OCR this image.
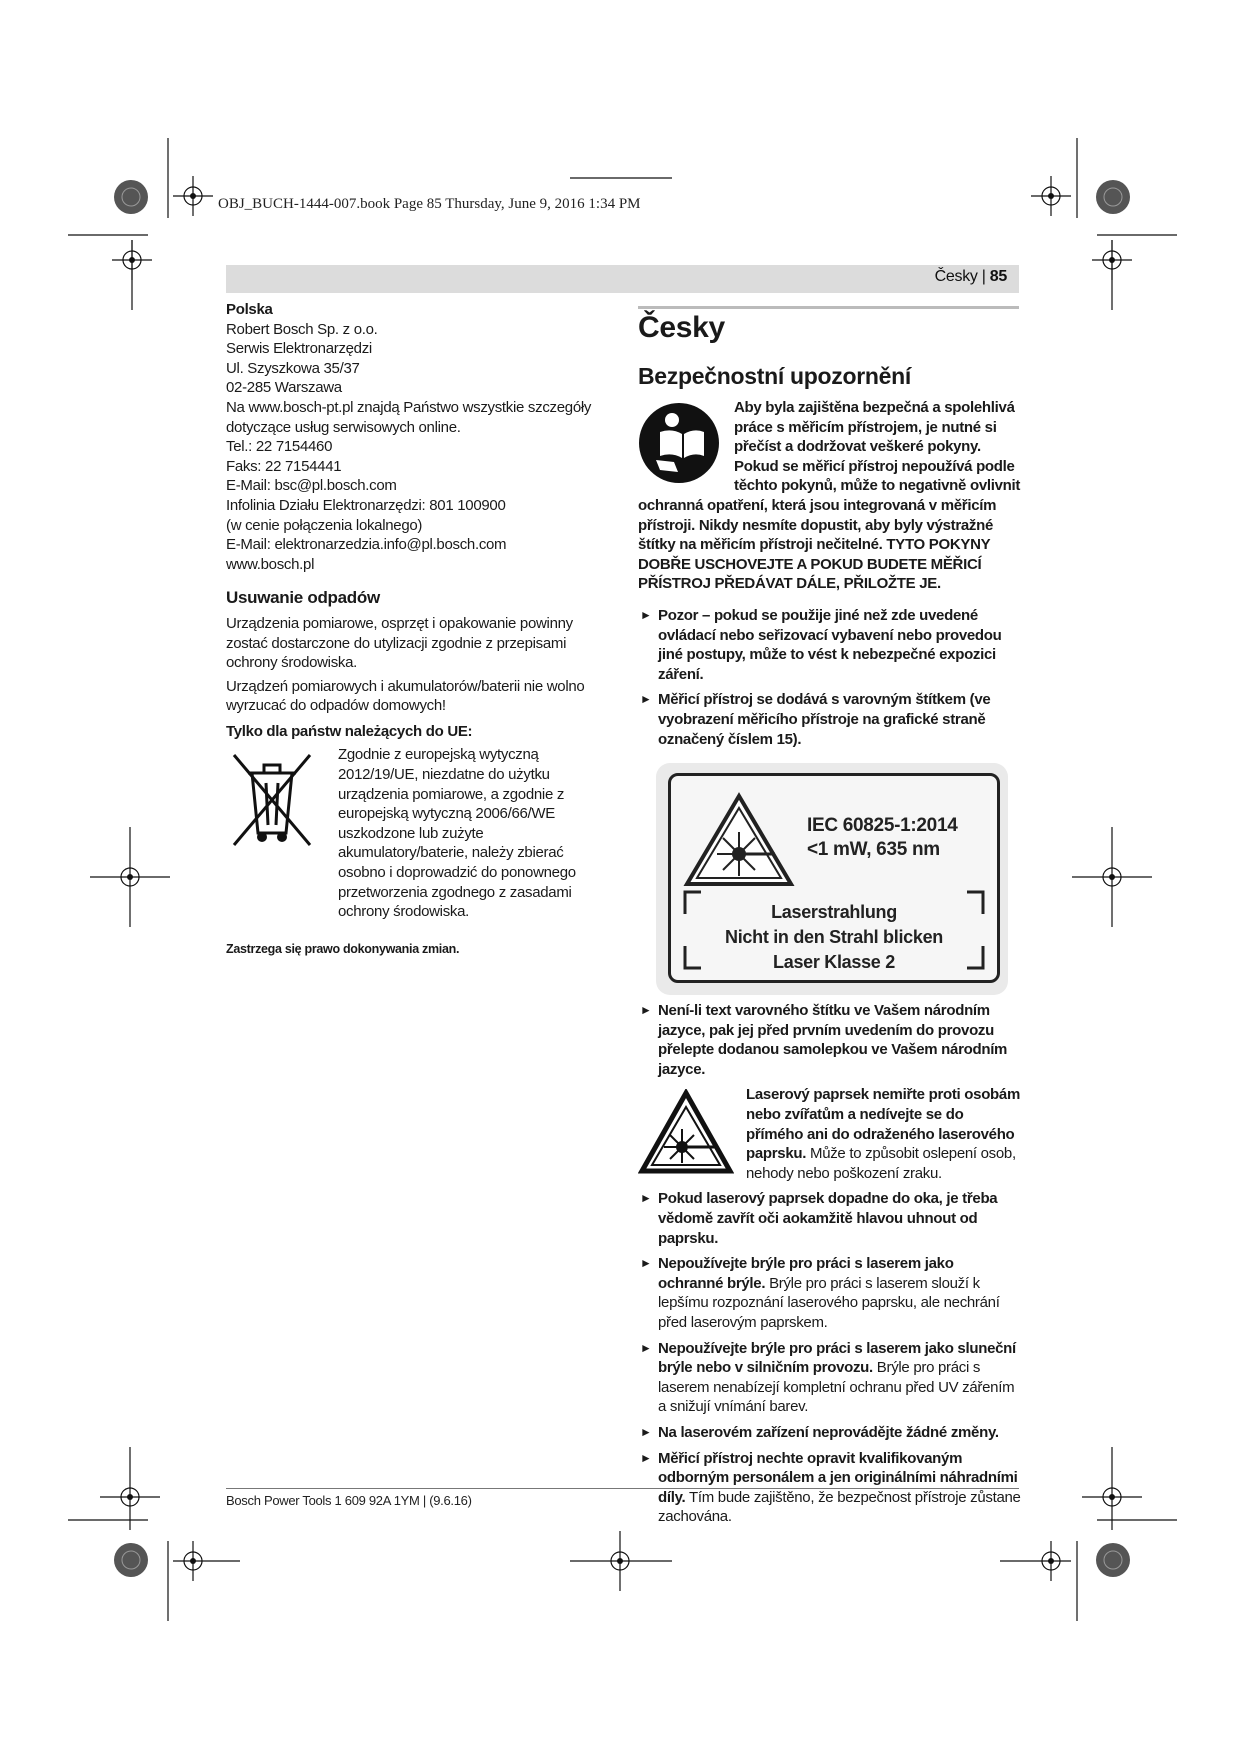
OBJ_BUCH-1444-007.book Page 85 Thursday, June 9, 2016 1:34 PM
Česky | 85

Polska

Robert Bosch Sp. z o.o.

Serwis Elektronarzędzi

Ul. Szyszkowa 35/37

02-285 Warszawa

Na www.bosch-pt.pl znajdą Państwo wszystkie szczegóły dotyczące usług serwisowych online.

Tel.: 22 7154460

Faks: 22 7154441

E-Mail: bsc@pl.bosch.com

Infolinia Działu Elektronarzędzi: 801 100900

(w cenie połączenia lokalnego)

E-Mail: elektronarzedzia.info@pl.bosch.com

www.bosch.pl

Usuwanie odpadów

Urządzenia pomiarowe, osprzęt i opakowanie powinny zostać dostarczone do utylizacji zgodnie z przepisami ochrony środowiska.

Urządzeń pomiarowych i akumulatorów/baterii nie wolno wyrzucać do odpadów domowych!

Tylko dla państw należących do UE:

Zgodnie z europejską wytyczną 2012/19/UE, niezdatne do użytku urządzenia pomiarowe, a zgodnie z europejską wytyczną 2006/66/WE uszkodzone lub zużyte akumulatory/baterie, należy zbierać osobno i doprowadzić do ponownego przetworzenia zgodnego z zasadami ochrony środowiska.

Zastrzega się prawo dokonywania zmian.

Česky

Bezpečnostní upozornění

Aby byla zajištěna bezpečná a spolehlivá práce s měřicím přístrojem, je nutné si přečíst a dodržovat veškeré pokyny. Pokud se měřicí přístroj nepoužívá podle těchto pokynů, může to negativně ovlivnit ochranná opatření, která jsou integrovaná v měřicím přístroji. Nikdy nesmíte dopustit, aby byly výstražné štítky na měřicím přístroji nečitelné. TYTO POKYNY DOBŘE USCHOVEJTE A POKUD BUDETE MĚŘICÍ PŘÍSTROJ PŘEDÁVAT DÁLE, PŘILOŽTE JE.

► Pozor – pokud se použije jiné než zde uvedené ovládací nebo seřizovací vybavení nebo provedou jiné postupy, může to vést k nebezpečné expozici záření.

► Měřicí přístroj se dodává s varovným štítkem (ve vyobrazení měřicího přístroje na grafické straně označený číslem 15).

IEC 60825-1:2014
<1 mW, 635 nm
Laserstrahlung
Nicht in den Strahl blicken
Laser Klasse 2

► Není-li text varovného štítku ve Vašem národním jazyce, pak jej před prvním uvedením do provozu přelepte dodanou samolepkou ve Vašem národním jazyce.

Laserový paprsek nemiřte proti osobám nebo zvířatům a nedívejte se do přímého ani do odraženého laserového paprsku. Může to způsobit oslepení osob, nehody nebo poškození zraku.

► Pokud laserový paprsek dopadne do oka, je třeba vědomě zavřít oči aokamžitě hlavou uhnout od paprsku.

► Nepoužívejte brýle pro práci s laserem jako ochranné brýle. Brýle pro práci s laserem slouží k lepšímu rozpoznání laserového paprsku, ale nechrání před laserovým paprskem.

► Nepoužívejte brýle pro práci s laserem jako sluneční brýle nebo v silničním provozu. Brýle pro práci s laserem nenabízejí kompletní ochranu před UV zářením a snižují vnímání barev.

► Na laserovém zařízení neprovádějte žádné změny.

► Měřicí přístroj nechte opravit kvalifikovaným odborným personálem a jen originálními náhradními díly. Tím bude zajištěno, že bezpečnost přístroje zůstane zachována.

Bosch Power Tools 1 609 92A 1YM | (9.6.16)
